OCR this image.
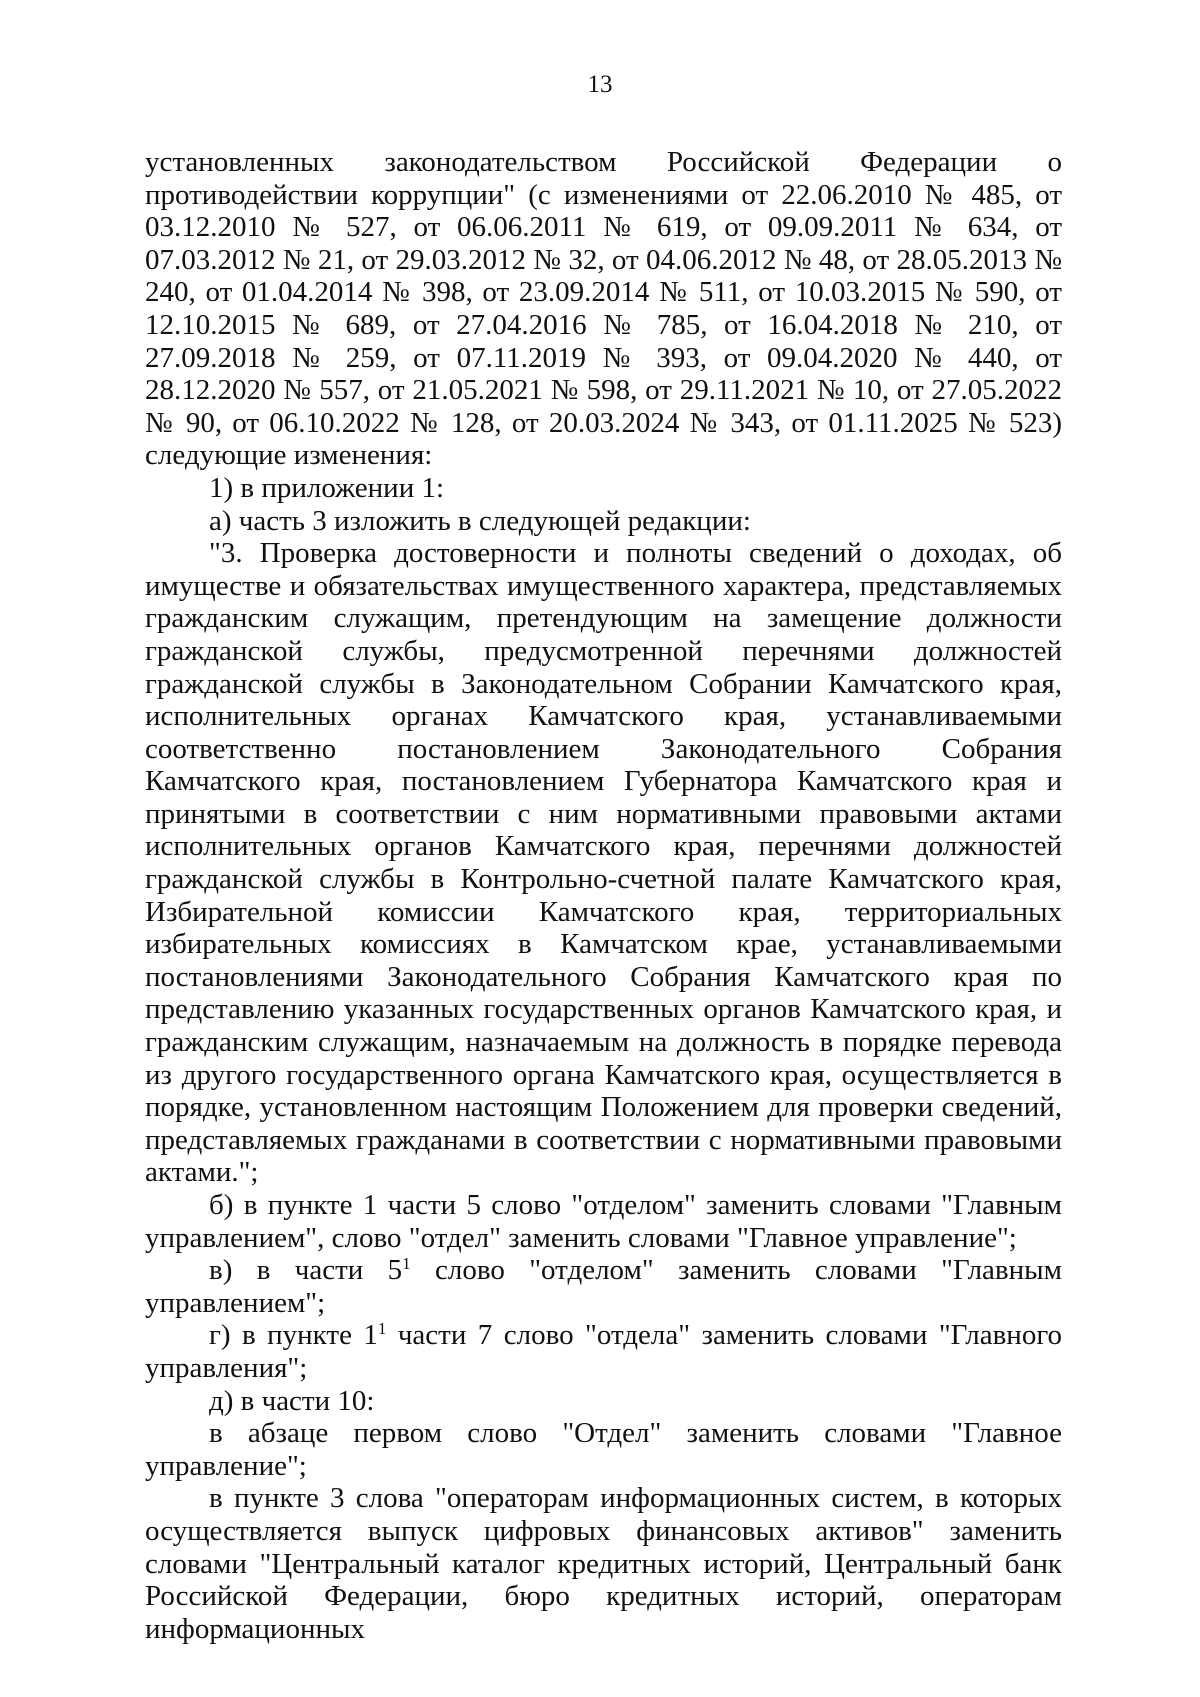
13

установленных законодательством Российской Федерации о противодействии коррупции" (с изменениями от 22.06.2010 № 485, от 03.12.2010 № 527, от 06.06.2011 № 619, от 09.09.2011 № 634, от 07.03.2012 № 21, от 29.03.2012 № 32, от 04.06.2012 № 48, от 28.05.2013 № 240, от 01.04.2014 № 398, от 23.09.2014 № 511, от 10.03.2015 № 590, от 12.10.2015 № 689, от 27.04.2016 № 785, от 16.04.2018 № 210, от 27.09.2018 № 259, от 07.11.2019 № 393, от 09.04.2020 № 440, от 28.12.2020 № 557, от 21.05.2021 № 598, от 29.11.2021 № 10, от 27.05.2022 № 90, от 06.10.2022 № 128, от 20.03.2024 № 343, от 01.11.2025 № 523) следующие изменения:

1) в приложении 1:

а) часть 3 изложить в следующей редакции:

"3. Проверка достоверности и полноты сведений о доходах, об имуществе и обязательствах имущественного характера, представляемых гражданским служащим, претендующим на замещение должности гражданской службы, предусмотренной перечнями должностей гражданской службы в Законодательном Собрании Камчатского края, исполнительных органах Камчатского края, устанавливаемыми соответственно постановлением Законодательного Собрания Камчатского края, постановлением Губернатора Камчатского края и принятыми в соответствии с ним нормативными правовыми актами исполнительных органов Камчатского края, перечнями должностей гражданской службы в Контрольно-счетной палате Камчатского края, Избирательной комиссии Камчатского края, территориальных избирательных комиссиях в Камчатском крае, устанавливаемыми постановлениями Законодательного Собрания Камчатского края по представлению указанных государственных органов Камчатского края, и гражданским служащим, назначаемым на должность в порядке перевода из другого государственного органа Камчатского края, осуществляется в порядке, установленном настоящим Положением для проверки сведений, представляемых гражданами в соответствии с нормативными правовыми актами.";

б) в пункте 1 части 5 слово "отделом" заменить словами "Главным управлением", слово "отдел" заменить словами "Главное управление";

в) в части $5^1$ слово "отделом" заменить словами "Главным управлением";

г) в пункте $1^1$ части 7 слово "отдела" заменить словами "Главного управления";

д) в части 10:

в абзаце первом слово "Отдел" заменить словами "Главное управление";

в пункте 3 слова "операторам информационных систем, в которых осуществляется выпуск цифровых финансовых активов" заменить словами "Центральный каталог кредитных историй, Центральный банк Российской Федерации, бюро кредитных историй, операторам информационных
